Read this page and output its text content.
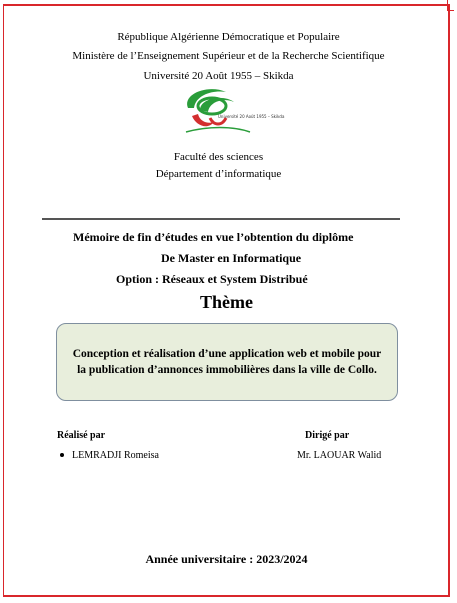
République Algérienne Démocratique et Populaire
Ministère de l’Enseignement Supérieur et de la Recherche Scientifique
Université 20 Août 1955 – Skikda
Université 20 Août 1955 – Skikda
Faculté des sciences
Département d’informatique
Mémoire de fin d’études en vue l’obtention du diplôme
De Master en Informatique
Option : Réseaux et System Distribué
Thème
Conception et réalisation d’une application web et mobile pour la publication d’annonces immobilières dans la ville de Collo.
Réalisé par	Dirigé par
LEMRADJI Romeisa	Mr. LAOUAR Walid
Année universitaire : 2023/2024
